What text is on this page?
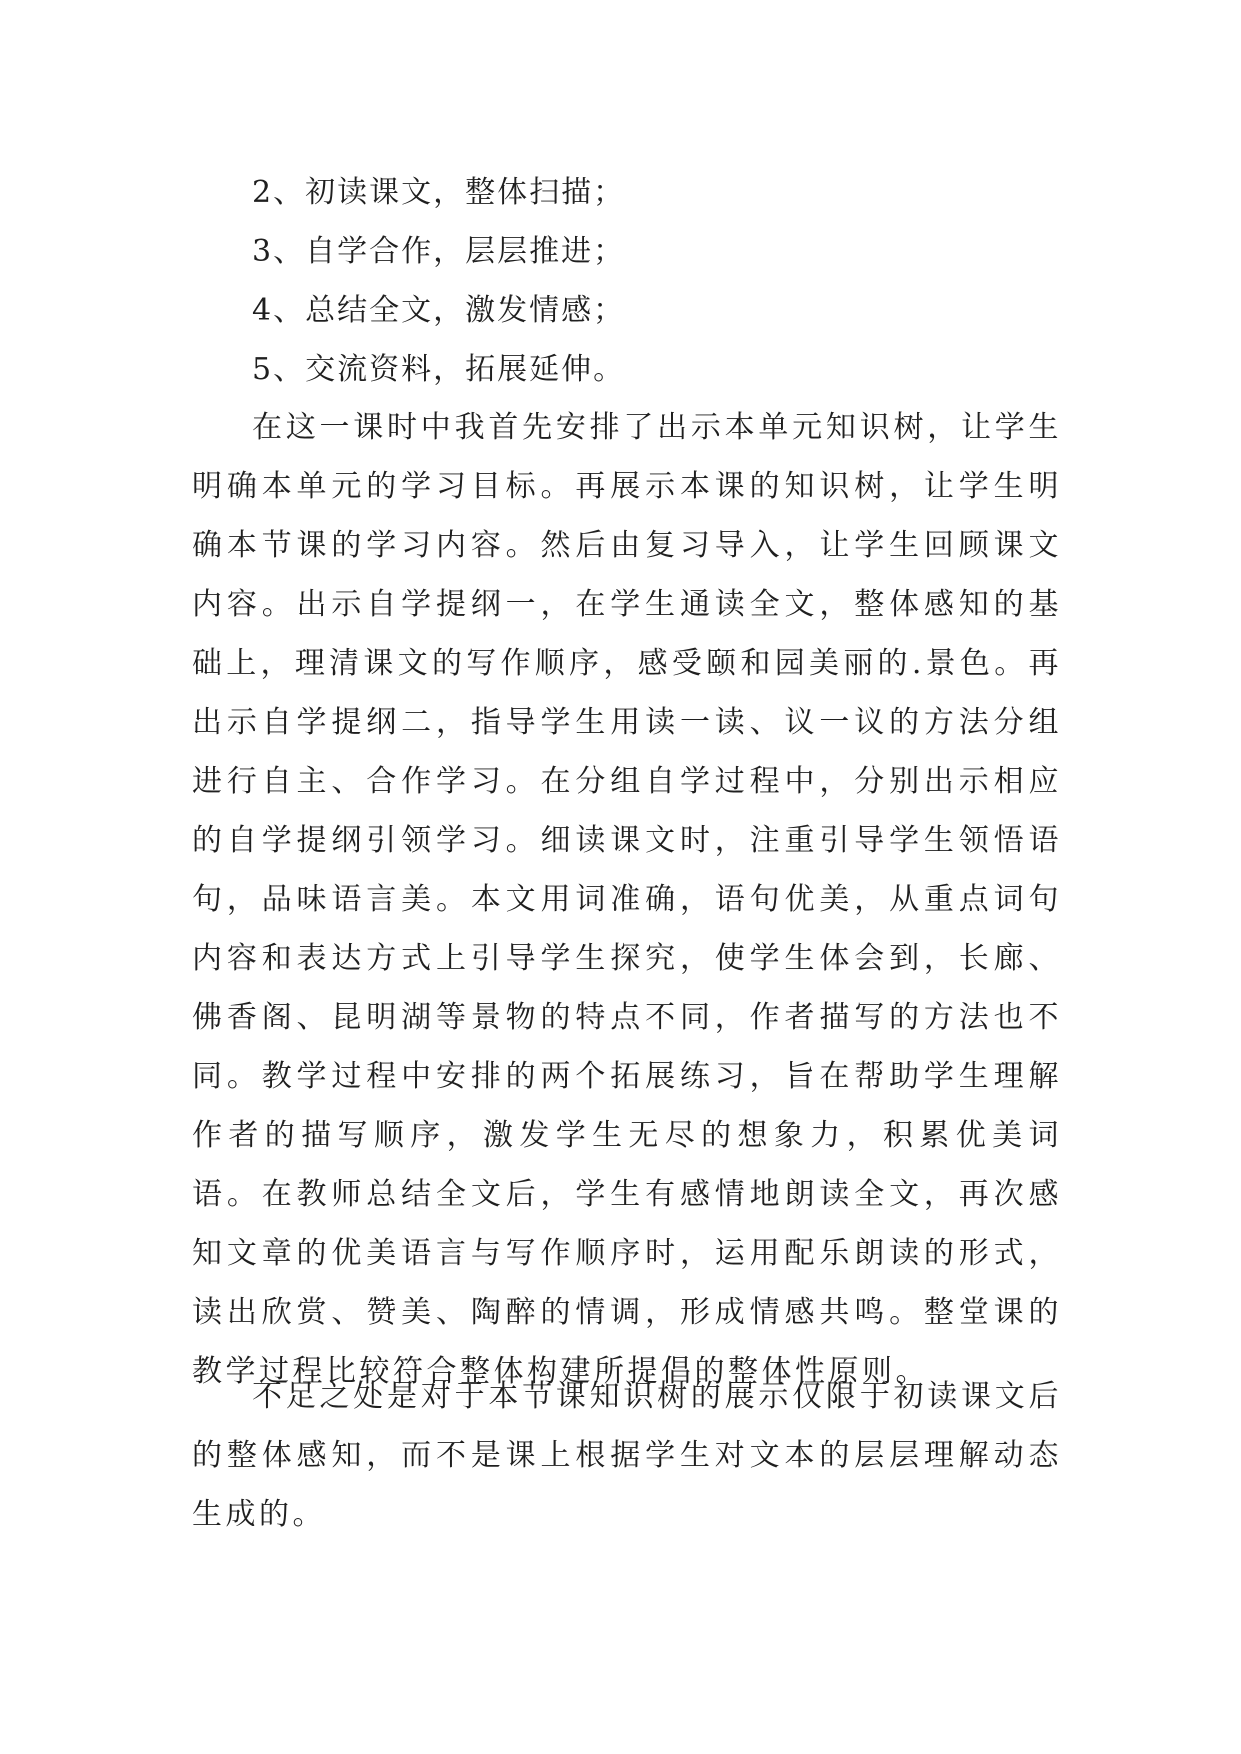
2、初读课文，整体扫描；
3、自学合作，层层推进；
4、总结全文，激发情感；
5、交流资料，拓展延伸。

在这一课时中我首先安排了出示本单元知识树，让学生明确本单元的学习目标。再展示本课的知识树，让学生明确本节课的学习内容。然后由复习导入，让学生回顾课文内容。出示自学提纲一，在学生通读全文，整体感知的基础上，理清课文的写作顺序，感受颐和园美丽的.景色。再出示自学提纲二，指导学生用读一读、议一议的方法分组进行自主、合作学习。在分组自学过程中，分别出示相应的自学提纲引领学习。细读课文时，注重引导学生领悟语句，品味语言美。本文用词准确，语句优美，从重点词句内容和表达方式上引导学生探究，使学生体会到，长廊、佛香阁、昆明湖等景物的特点不同，作者描写的方法也不同。教学过程中安排的两个拓展练习，旨在帮助学生理解作者的描写顺序，激发学生无尽的想象力，积累优美词语。在教师总结全文后，学生有感情地朗读全文，再次感知文章的优美语言与写作顺序时，运用配乐朗读的形式，读出欣赏、赞美、陶醉的情调，形成情感共鸣。整堂课的教学过程比较符合整体构建所提倡的整体性原则。

不足之处是对于本节课知识树的展示仅限于初读课文后的整体感知，而不是课上根据学生对文本的层层理解动态生成的。
